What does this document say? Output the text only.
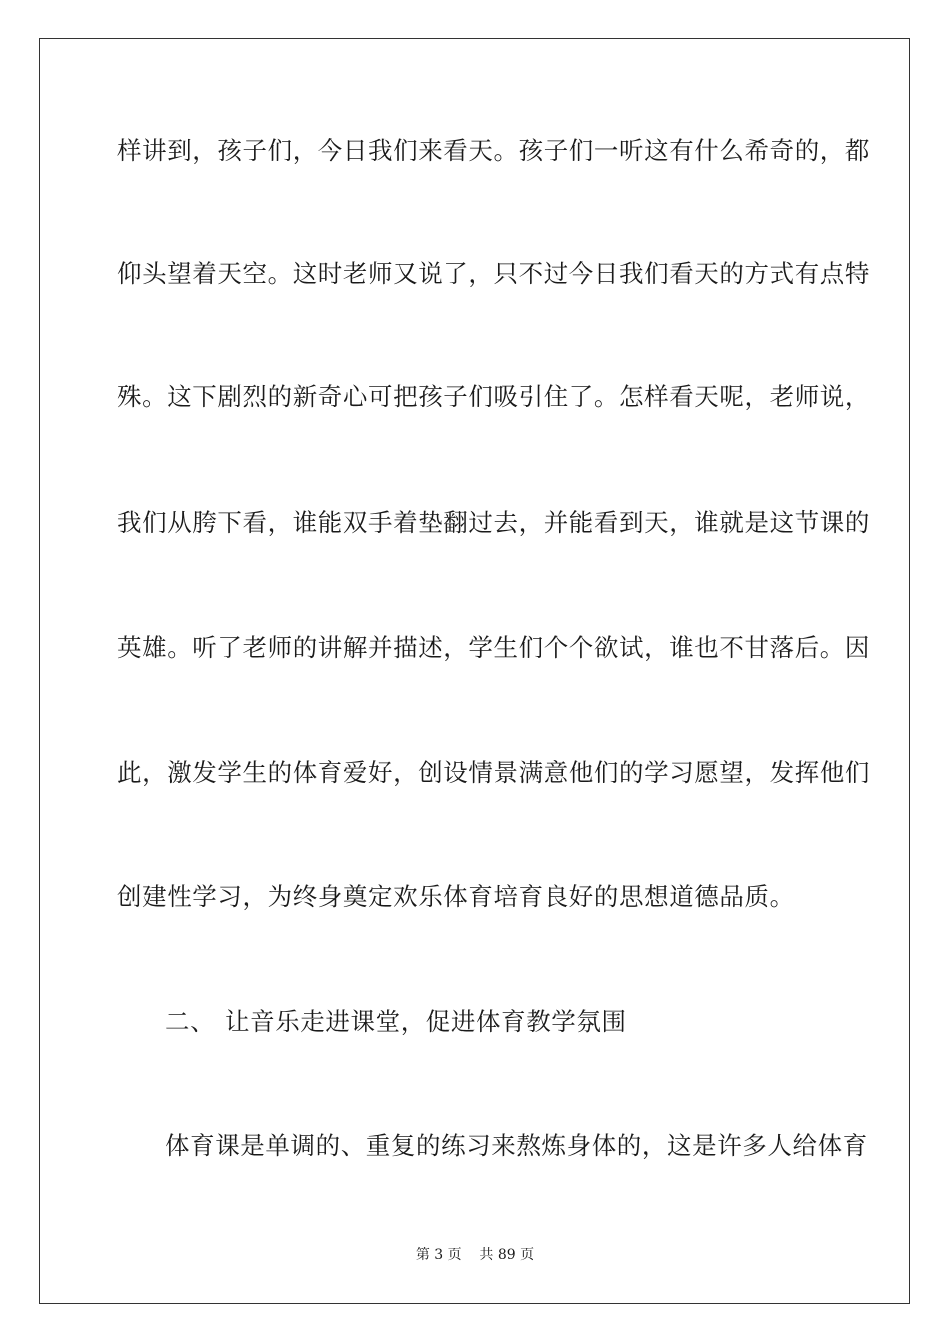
样讲到，孩子们，今日我们来看天。孩子们一听这有什么希奇的，都
仰头望着天空。这时老师又说了，只不过今日我们看天的方式有点特
殊。这下剧烈的新奇心可把孩子们吸引住了。怎样看天呢，老师说，
我们从胯下看，谁能双手着垫翻过去，并能看到天，谁就是这节课的
英雄。听了老师的讲解并描述，学生们个个欲试，谁也不甘落后。因
此，激发学生的体育爱好，创设情景满意他们的学习愿望，发挥他们
创建性学习，为终身奠定欢乐体育培育良好的思想道德品质。
二、 让音乐走进课堂，促进体育教学氛围
体育课是单调的、重复的练习来熬炼身体的，这是许多人给体育
第 3 页    共 89 页
